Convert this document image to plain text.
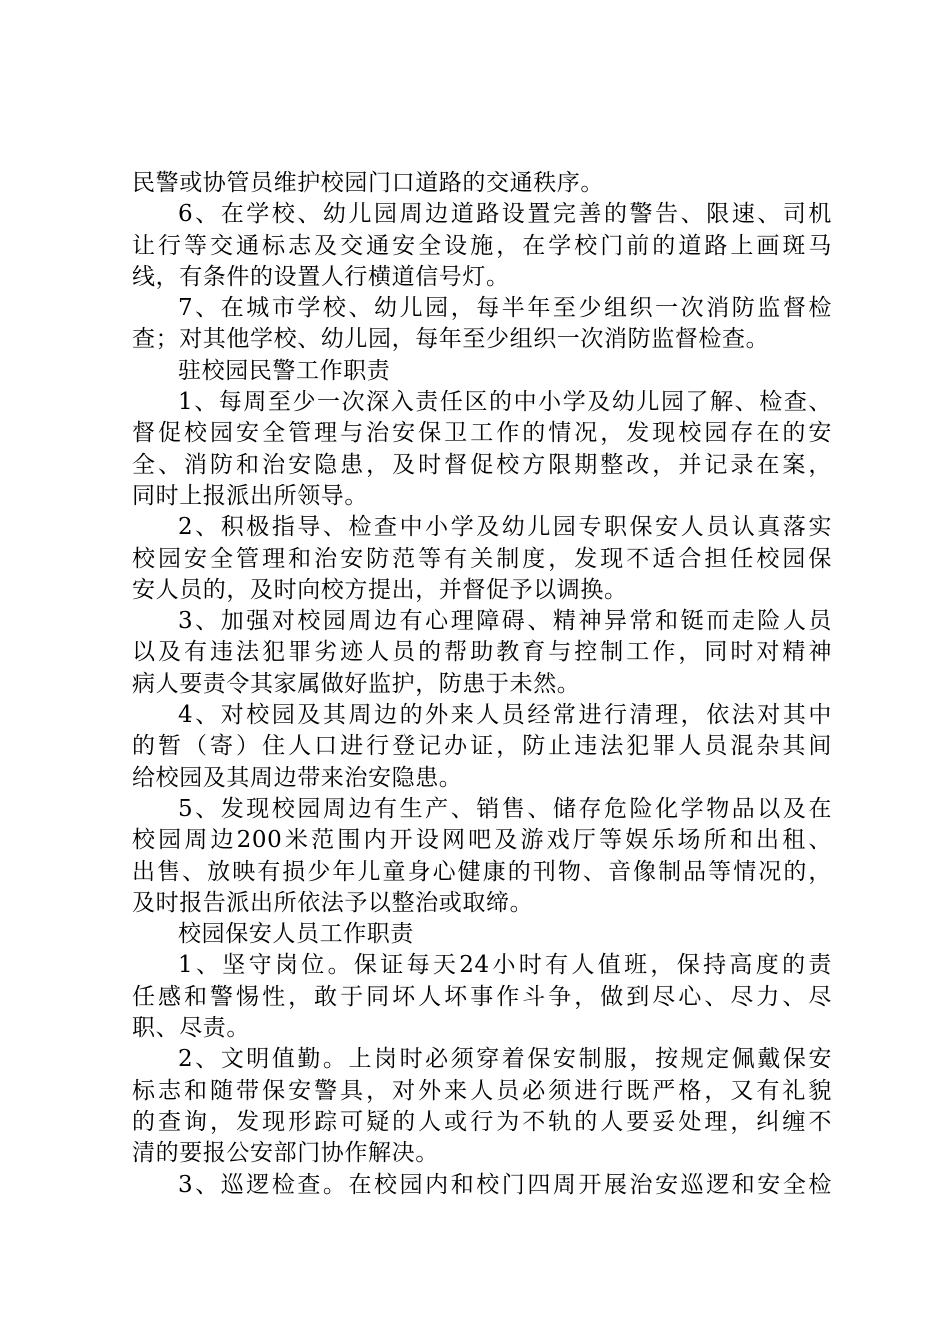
民警或协管员维护校园门口道路的交通秩序。
6、在学校、幼儿园周边道路设置完善的警告、限速、司机
让行等交通标志及交通安全设施，在学校门前的道路上画斑马
线，有条件的设置人行横道信号灯。
7、在城市学校、幼儿园，每半年至少组织一次消防监督检
查；对其他学校、幼儿园，每年至少组织一次消防监督检查。
驻校园民警工作职责
1、每周至少一次深入责任区的中小学及幼儿园了解、检查、
督促校园安全管理与治安保卫工作的情况，发现校园存在的安
全、消防和治安隐患，及时督促校方限期整改，并记录在案，
同时上报派出所领导。
2、积极指导、检查中小学及幼儿园专职保安人员认真落实
校园安全管理和治安防范等有关制度，发现不适合担任校园保
安人员的，及时向校方提出，并督促予以调换。
3、加强对校园周边有心理障碍、精神异常和铤而走险人员
以及有违法犯罪劣迹人员的帮助教育与控制工作，同时对精神
病人要责令其家属做好监护，防患于未然。
4、对校园及其周边的外来人员经常进行清理，依法对其中
的暂（寄）住人口进行登记办证，防止违法犯罪人员混杂其间
给校园及其周边带来治安隐患。
5、发现校园周边有生产、销售、储存危险化学物品以及在
校园周边200米范围内开设网吧及游戏厅等娱乐场所和出租、
出售、放映有损少年儿童身心健康的刊物、音像制品等情况的，
及时报告派出所依法予以整治或取缔。
校园保安人员工作职责
1、坚守岗位。保证每天24小时有人值班，保持高度的责
任感和警惕性，敢于同坏人坏事作斗争，做到尽心、尽力、尽
职、尽责。
2、文明值勤。上岗时必须穿着保安制服，按规定佩戴保安
标志和随带保安警具，对外来人员必须进行既严格，又有礼貌
的查询，发现形踪可疑的人或行为不轨的人要妥处理，纠缠不
清的要报公安部门协作解决。
3、巡逻检查。在校园内和校门四周开展治安巡逻和安全检
